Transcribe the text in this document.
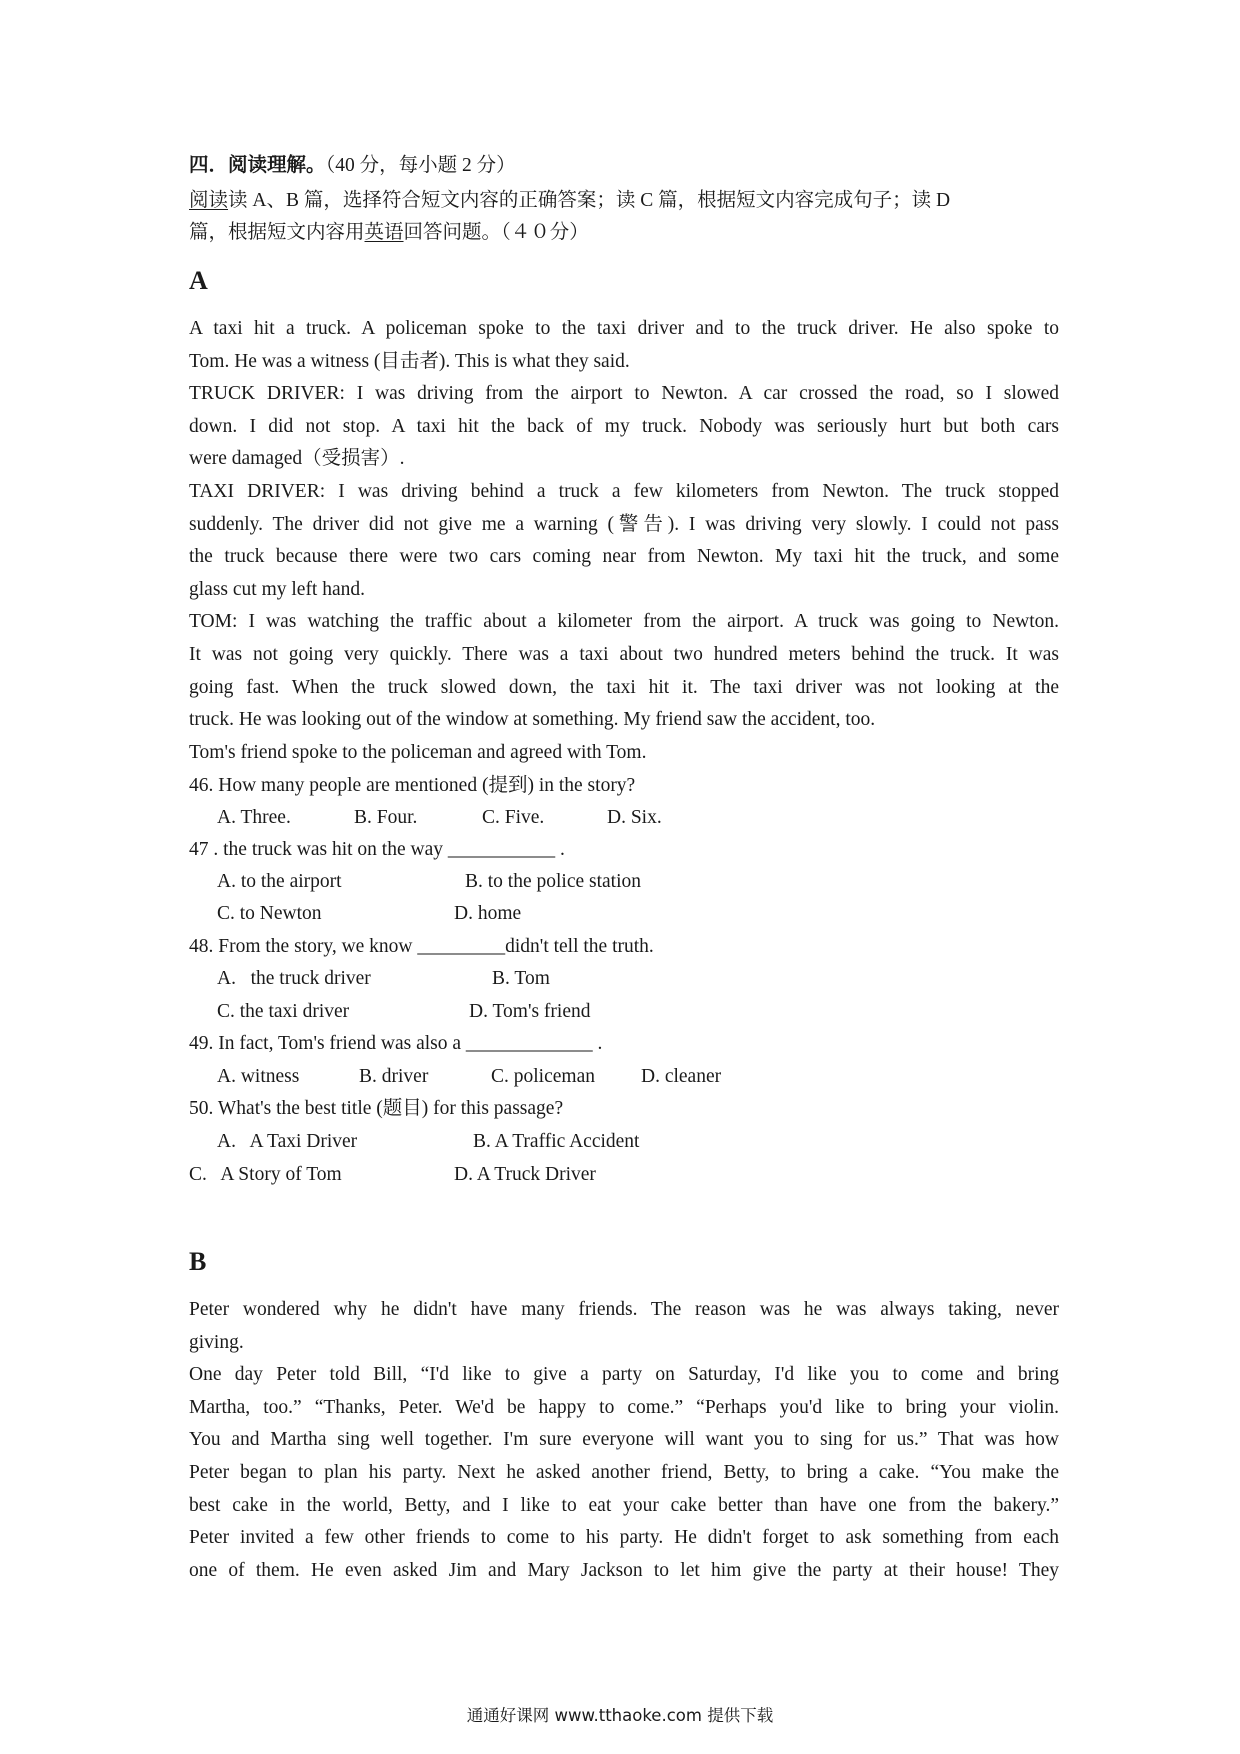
四．阅读理解。（40 分，每小题 2 分）
阅读读 A、B 篇，选择符合短文内容的正确答案；读 C 篇，根据短文内容完成句子；读 D
篇，根据短文内容用英语回答问题。（４０分）
A
A taxi hit a truck. A policeman spoke to the taxi driver and to the truck driver. He also spoke to
Tom. He was a witness (目击者). This is what they said.
TRUCK DRIVER: I was driving from the airport to Newton. A car crossed the road, so I slowed
down. I did not stop. A taxi hit the back of my truck. Nobody was seriously hurt but both cars
were damaged（受损害）.
TAXI DRIVER: I was driving behind a truck a few kilometers from Newton. The truck stopped
suddenly. The driver did not give me a warning (警告). I was driving very slowly. I could not pass
the truck because there were two cars coming near from Newton. My taxi hit the truck, and some
glass cut my left hand.
TOM: I was watching the traffic about a kilometer from the airport. A truck was going to Newton.
It was not going very quickly. There was a taxi about two hundred meters behind the truck. It was
going fast. When the truck slowed down, the taxi hit it. The taxi driver was not looking at the
truck. He was looking out of the window at something. My friend saw the accident, too.
Tom's friend spoke to the policeman and agreed with Tom.
46. How many people are mentioned (提到) in the story?
A. Three.	B. Four.	C. Five.	D. Six.
47 . the truck was hit on the way ___________ .
A. to the airport	B. to the police station
C. to Newton	D. home
48. From the story, we know _________didn't tell the truth.
A.   the truck driver	B. Tom
C. the taxi driver	D. Tom's friend
49. In fact, Tom's friend was also a _____________ .
A. witness	B. driver	C. policeman D. cleaner
50. What's the best title (题目) for this passage?
A.   A Taxi Driver	B. A Traffic Accident
C.   A Story of Tom	D. A Truck Driver
B
Peter wondered why he didn't have many friends. The reason was he was always taking, never
giving.
One day Peter told Bill, “I'd like to give a party on Saturday, I'd like you to come and bring
Martha, too.” “Thanks, Peter. We'd be happy to come.” “Perhaps you'd like to bring your violin.
You and Martha sing well together. I'm sure everyone will want you to sing for us.” That was how
Peter began to plan his party. Next he asked another friend, Betty, to bring a cake. “You make the
best cake in the world, Betty, and I like to eat your cake better than have one from the bakery.”
Peter invited a few other friends to come to his party. He didn't forget to ask something from each
one of them. He even asked Jim and Mary Jackson to let him give the party at their house! They
通通好课网 www.tthaoke.com 提供下载
